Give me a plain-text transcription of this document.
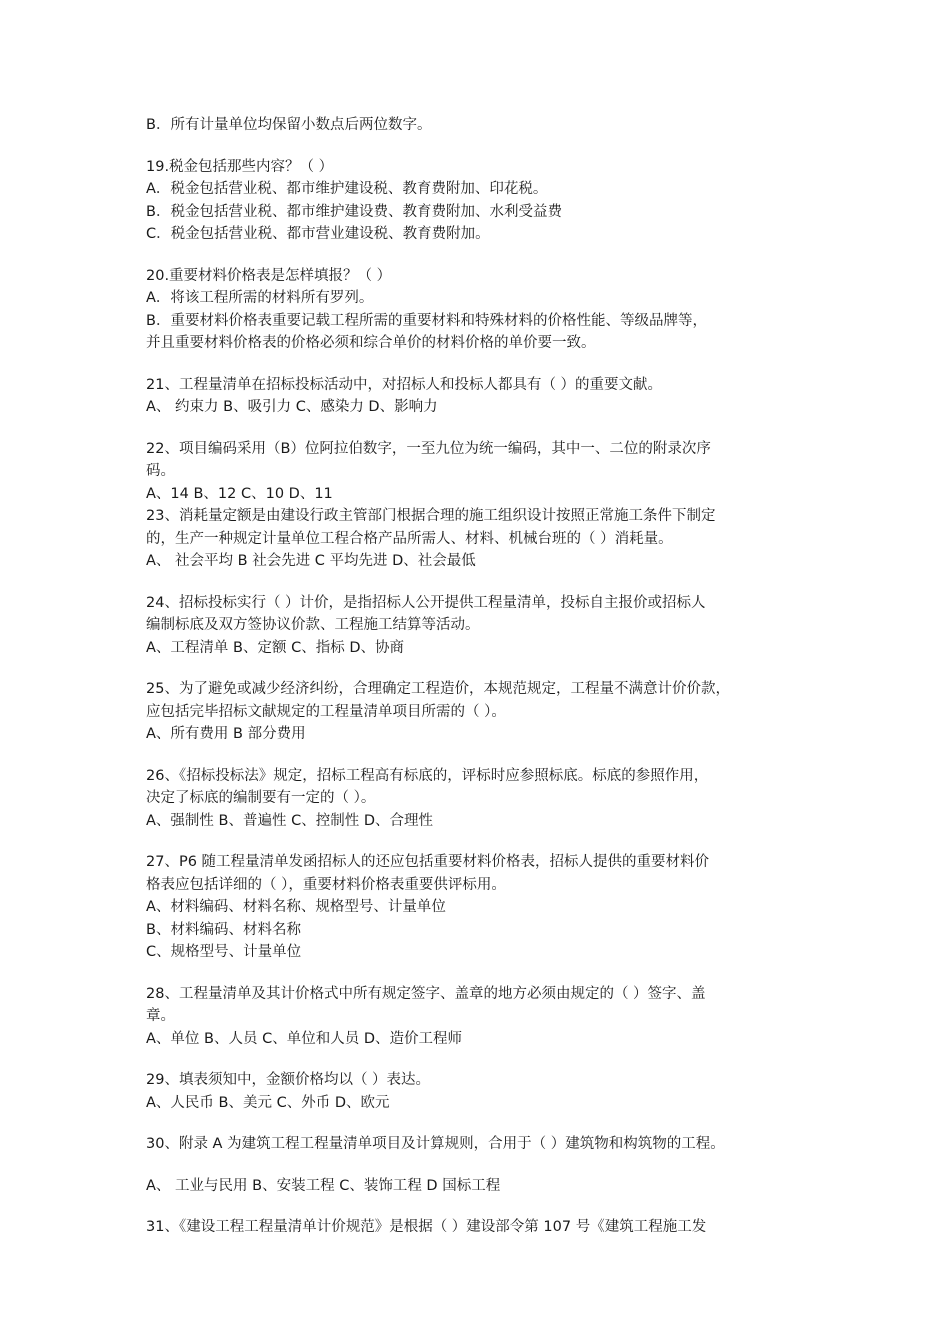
B．所有计量单位均保留小数点后两位数字。
19.税金包括那些内容？（ ）
A．税金包括营业税、都市维护建设税、教育费附加、印花税。
B．税金包括营业税、都市维护建设费、教育费附加、水利受益费
C．税金包括营业税、都市营业建设税、教育费附加。
20.重要材料价格表是怎样填报？（ ）
A．将该工程所需的材料所有罗列。
B．重要材料价格表重要记载工程所需的重要材料和特殊材料的价格性能、等级品牌等，
并且重要材料价格表的价格必须和综合单价的材料价格的单价要一致。
21、工程量清单在招标投标活动中，对招标人和投标人都具有（ ）的重要文献。
A、 约束力 B、吸引力 C、感染力 D、影响力
22、项目编码采用（B）位阿拉伯数字，一至九位为统一编码，其中一、二位的附录次序
码。
A、14 B、12 C、10 D、11
23、消耗量定额是由建设行政主管部门根据合理的施工组织设计按照正常施工条件下制定
的，生产一种规定计量单位工程合格产品所需人、材料、机械台班的（ ）消耗量。
A、 社会平均 B 社会先进 C 平均先进 D、社会最低
24、招标投标实行（ ）计价，是指招标人公开提供工程量清单，投标自主报价或招标人
编制标底及双方签协议价款、工程施工结算等活动。
A、工程清单 B、定额 C、指标 D、协商
25、为了避免或减少经济纠纷，合理确定工程造价，本规范规定，工程量不满意计价价款，
应包括完毕招标文献规定的工程量清单项目所需的（ ）。
A、所有费用 B 部分费用
26、《招标投标法》规定，招标工程高有标底的，评标时应参照标底。标底的参照作用，
决定了标底的编制要有一定的（ ）。
A、强制性 B、普遍性 C、控制性 D、合理性
27、P6 随工程量清单发函招标人的还应包括重要材料价格表，招标人提供的重要材料价
格表应包括详细的（ ），重要材料价格表重要供评标用。
A、材料编码、材料名称、规格型号、计量单位
B、材料编码、材料名称
C、规格型号、计量单位
28、工程量清单及其计价格式中所有规定签字、盖章的地方必须由规定的（ ）签字、盖
章。
A、单位 B、人员 C、单位和人员 D、造价工程师
29、填表须知中，金额价格均以（ ）表达。
A、人民币 B、美元 C、外币 D、欧元
30、附录 A 为建筑工程工程量清单项目及计算规则，合用于（ ）建筑物和构筑物的工程。
A、 工业与民用 B、安装工程 C、装饰工程 D 国标工程
31、《建设工程工程量清单计价规范》是根据（ ）建设部令第 107 号《建筑工程施工发
